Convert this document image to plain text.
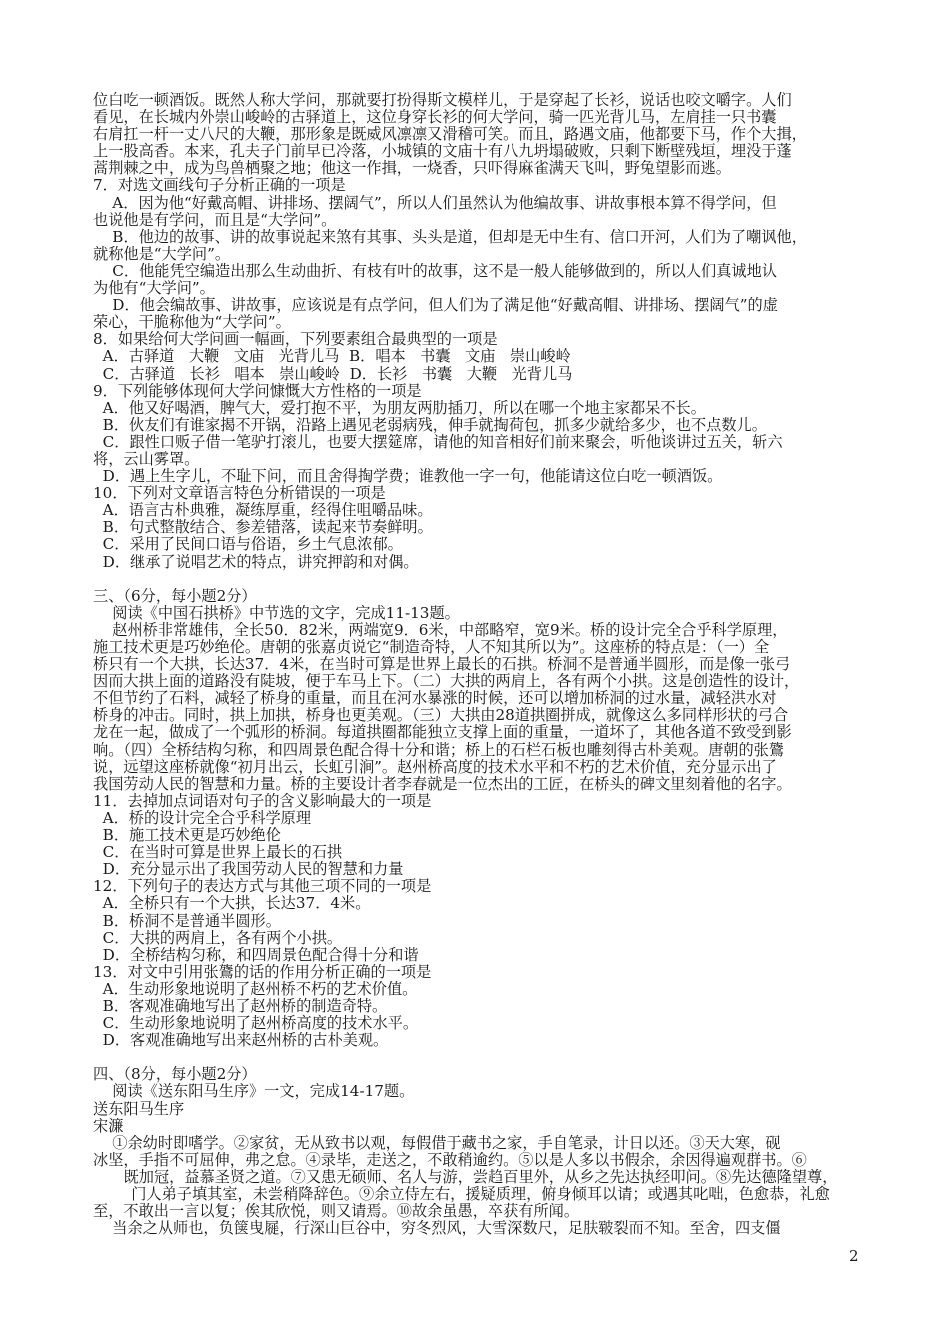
位白吃一顿酒饭。既然人称大学问，那就要打扮得斯文模样儿，于是穿起了长衫，说话也咬文嚼字。人们
看见，在长城内外崇山峻岭的古驿道上，这位身穿长衫的何大学问，骑一匹光背儿马，左肩挂一只书囊
右肩扛一杆一丈八尺的大鞭，那形象是既威风凛凛又滑稽可笑。而且，路遇文庙，他都要下马，作个大揖，
上一股高香。本来，孔夫子门前早已冷落，小城镇的文庙十有八九坍塌破败，只剩下断壁残垣，埋没于蓬
蒿荆棘之中，成为鸟兽栖聚之地；他这一作揖，一烧香，只吓得麻雀满天飞叫，野兔望影而逃。
7．对选文画线句子分析正确的一项是
A．因为他“好戴高帽、讲排场、摆阔气”，所以人们虽然认为他编故事、讲故事根本算不得学问，但
也说他是有学问，而且是“大学问”。
B．他边的故事、讲的故事说起来煞有其事、头头是道，但却是无中生有、信口开河，人们为了嘲讽他，
就称他是“大学问”。
C．他能凭空编造出那么生动曲折、有枝有叶的故事，这不是一般人能够做到的，所以人们真诚地认
为他有“大学问”。
D．他会编故事、讲故事，应该说是有点学问，但人们为了满足他“好戴高帽、讲排场、摆阔气”的虚
荣心，干脆称他为“大学问”。
8．如果给何大学问画一幅画，下列要素组合最典型的一项是
A．古驿道   大鞭   文庙   光背儿马  B．唱本   书囊   文庙   崇山峻岭
C．古驿道   长衫   唱本   崇山峻岭  D．长衫   书囊   大鞭   光背儿马
9．下列能够体现何大学问慷慨大方性格的一项是
A．他又好喝酒，脾气大，爱打抱不平，为朋友两肋插刀，所以在哪一个地主家都呆不长。
B．伙友们有谁家揭不开锅，沿路上遇见老弱病残，伸手就掏荷包，抓多少就给多少，也不点数儿。
C．跟性口贩子借一笔驴打滚儿，也要大摆筵席，请他的知音相好们前来聚会，听他谈讲过五关，斩六
将，云山雾罩。
D．遇上生字儿，不耻下问，而且舍得掏学费；谁教他一字一句，他能请这位白吃一顿酒饭。
10．下列对文章语言特色分析错误的一项是
A．语言古朴典雅，凝练厚重，经得住咀嚼品味。
B．句式整散结合、参差错落，读起来节奏鲜明。
C．采用了民间口语与俗语，乡土气息浓郁。
D．继承了说唱艺术的特点，讲究押韵和对偶。
三、（6分，每小题2分）
阅读《中国石拱桥》中节选的文字，完成11-13题。
赵州桥非常雄伟，全长50．82米，两端宽9．6米，中部略窄，宽9米。桥的设计完全合乎科学原理，
施工技术更是巧妙绝伦。唐朝的张嘉贞说它“制造奇特，人不知其所以为”。这座桥的特点是：（一）全
桥只有一个大拱，长达37．4米，在当时可算是世界上最长的石拱。桥洞不是普通半圆形，而是像一张弓
因而大拱上面的道路没有陡坡，便于车马上下。（二）大拱的两肩上，各有两个小拱。这是创造性的设计，
不但节约了石料，减轻了桥身的重量，而且在河水暴涨的时候，还可以增加桥洞的过水量，减轻洪水对
桥身的冲击。同时，拱上加拱，桥身也更美观。（三）大拱由28道拱圈拼成，就像这么多同样形状的弓合
龙在一起，做成了一个弧形的桥洞。每道拱圈都能独立支撑上面的重量，一道坏了，其他各道不致受到影
响。（四）全桥结构匀称，和四周景色配合得十分和谐；桥上的石栏石板也雕刻得古朴美观。唐朝的张鷟
说，远望这座桥就像“初月出云，长虹引涧”。赵州桥高度的技术水平和不朽的艺术价值，充分显示出了
我国劳动人民的智慧和力量。桥的主要设计者李春就是一位杰出的工匠，在桥头的碑文里刻着他的名字。
11．去掉加点词语对句子的含义影响最大的一项是
A．桥的设计完全合乎科学原理
B．施工技术更是巧妙绝伦
C．在当时可算是世界上最长的石拱
D．充分显示出了我国劳动人民的智慧和力量
12．下列句子的表达方式与其他三项不同的一项是
A．全桥只有一个大拱，长达37．4米。
B．桥洞不是普通半圆形。
C．大拱的两肩上，各有两个小拱。
D．全桥结构匀称，和四周景色配合得十分和谐
13．对文中引用张鷟的话的作用分析正确的一项是
A．生动形象地说明了赵州桥不朽的艺术价值。
B．客观准确地写出了赵州桥的制造奇特。
C．生动形象地说明了赵州桥高度的技术水平。
D．客观准确地写出来赵州桥的古朴美观。
四、（8分，每小题2分）
阅读《送东阳马生序》一文，完成14-17题。
送东阳马生序
宋濂
①余幼时即嗜学。②家贫，无从致书以观，每假借于藏书之家，手自笔录，计日以还。③天大寒，砚
冰坚，手指不可屈伸，弗之怠。④录毕，走送之，不敢稍逾约。⑤以是人多以书假余，余因得遍观群书。⑥
既加冠，益慕圣贤之道。⑦又患无硕师、名人与游，尝趋百里外，从乡之先达执经叩问。⑧先达德隆望尊，
门人弟子填其室，未尝稍降辞色。⑨余立侍左右，援疑质理，俯身倾耳以请；或遇其叱咄，色愈恭，礼愈
至，不敢出一言以复；俟其欣悦，则又请焉。⑩故余虽愚，卒获有所闻。
当余之从师也，负箧曳屣，行深山巨谷中，穷冬烈风，大雪深数尺，足肤皲裂而不知。至舍，四支僵
2
